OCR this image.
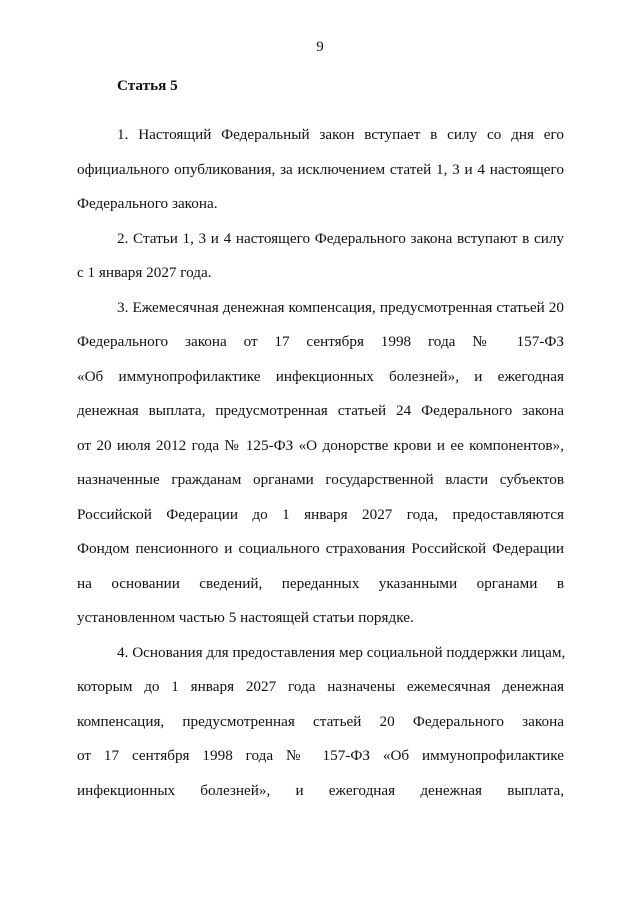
9
Статья 5
1. Настоящий Федеральный закон вступает в силу со дня его
официального опубликования, за исключением статей 1, 3 и 4 настоящего
Федерального закона.
2. Статьи 1, 3 и 4 настоящего Федерального закона вступают в силу
с 1 января 2027 года.
3. Ежемесячная денежная компенсация, предусмотренная статьей 20
Федерального закона от 17 сентября 1998 года № 157-ФЗ
«Об иммунопрофилактике инфекционных болезней», и ежегодная
денежная выплата, предусмотренная статьей 24 Федерального закона
от 20 июля 2012 года № 125-ФЗ «О донорстве крови и ее компонентов»,
назначенные гражданам органами государственной власти субъектов
Российской Федерации до 1 января 2027 года, предоставляются
Фондом пенсионного и социального страхования Российской Федерации
на основании сведений, переданных указанными органами в
установленном частью 5 настоящей статьи порядке.
4. Основания для предоставления мер социальной поддержки лицам,
которым до 1 января 2027 года назначены ежемесячная денежная
компенсация, предусмотренная статьей 20 Федерального закона
от 17 сентября 1998 года № 157-ФЗ «Об иммунопрофилактике
инфекционных болезней», и ежегодная денежная выплата,
